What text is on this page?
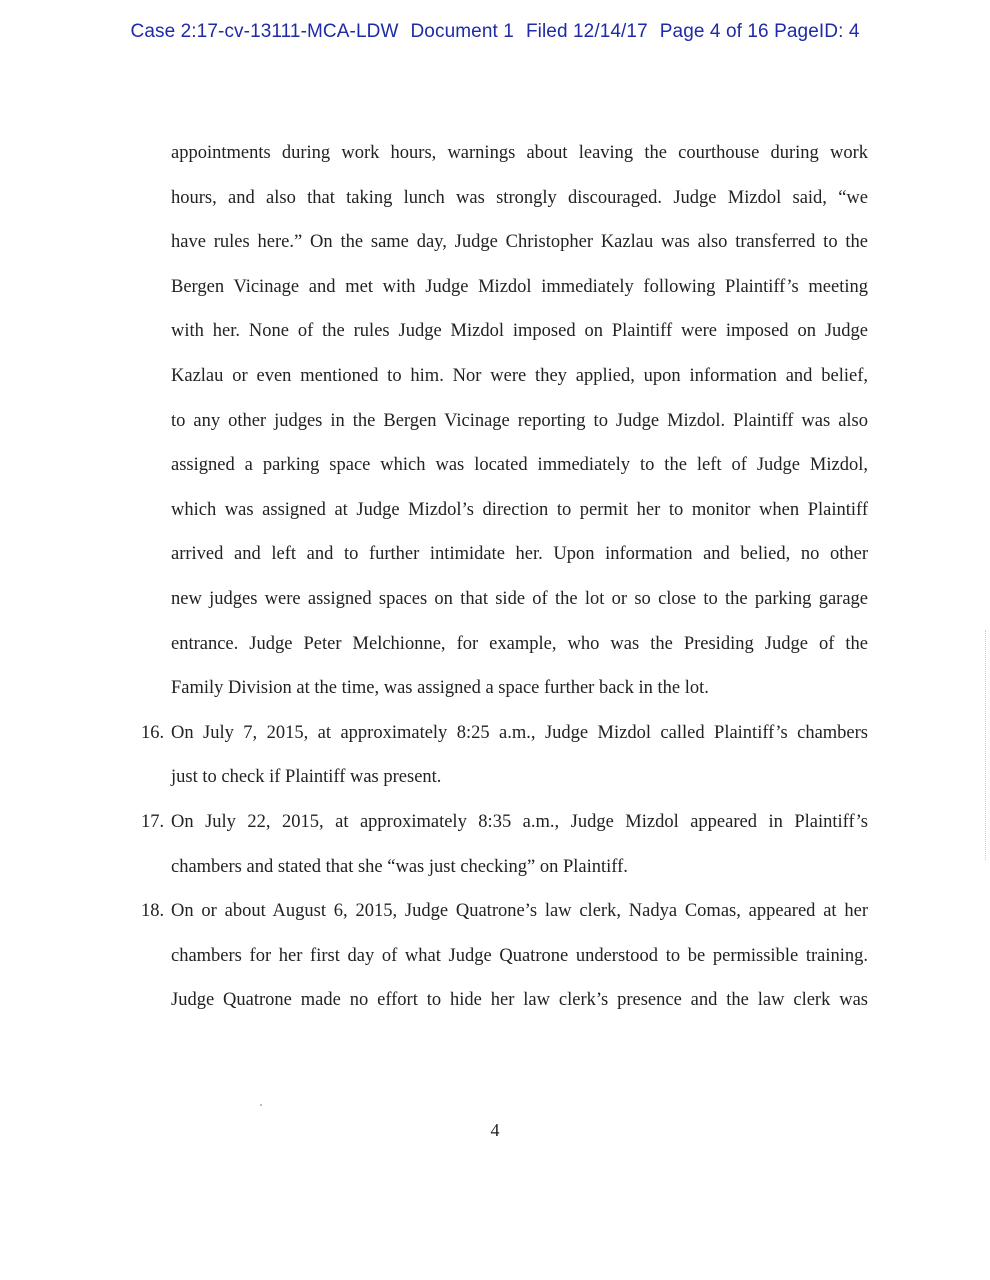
Case 2:17-cv-13111-MCA-LDW Document 1 Filed 12/14/17 Page 4 of 16 PageID: 4
appointments during work hours, warnings about leaving the courthouse during work
hours, and also that taking lunch was strongly discouraged. Judge Mizdol said, “we
have rules here.” On the same day, Judge Christopher Kazlau was also transferred to the
Bergen Vicinage and met with Judge Mizdol immediately following Plaintiff’s meeting
with her. None of the rules Judge Mizdol imposed on Plaintiff were imposed on Judge
Kazlau or even mentioned to him. Nor were they applied, upon information and belief,
to any other judges in the Bergen Vicinage reporting to Judge Mizdol. Plaintiff was also
assigned a parking space which was located immediately to the left of Judge Mizdol,
which was assigned at Judge Mizdol’s direction to permit her to monitor when Plaintiff
arrived and left and to further intimidate her. Upon information and belied, no other
new judges were assigned spaces on that side of the lot or so close to the parking garage
entrance. Judge Peter Melchionne, for example, who was the Presiding Judge of the
Family Division at the time, was assigned a space further back in the lot.
16. On July 7, 2015, at approximately 8:25 a.m., Judge Mizdol called Plaintiff’s chambers
just to check if Plaintiff was present.
17. On July 22, 2015, at approximately 8:35 a.m., Judge Mizdol appeared in Plaintiff’s
chambers and stated that she “was just checking” on Plaintiff.
18. On or about August 6, 2015, Judge Quatrone’s law clerk, Nadya Comas, appeared at her
chambers for her first day of what Judge Quatrone understood to be permissible training.
Judge Quatrone made no effort to hide her law clerk’s presence and the law clerk was
4
